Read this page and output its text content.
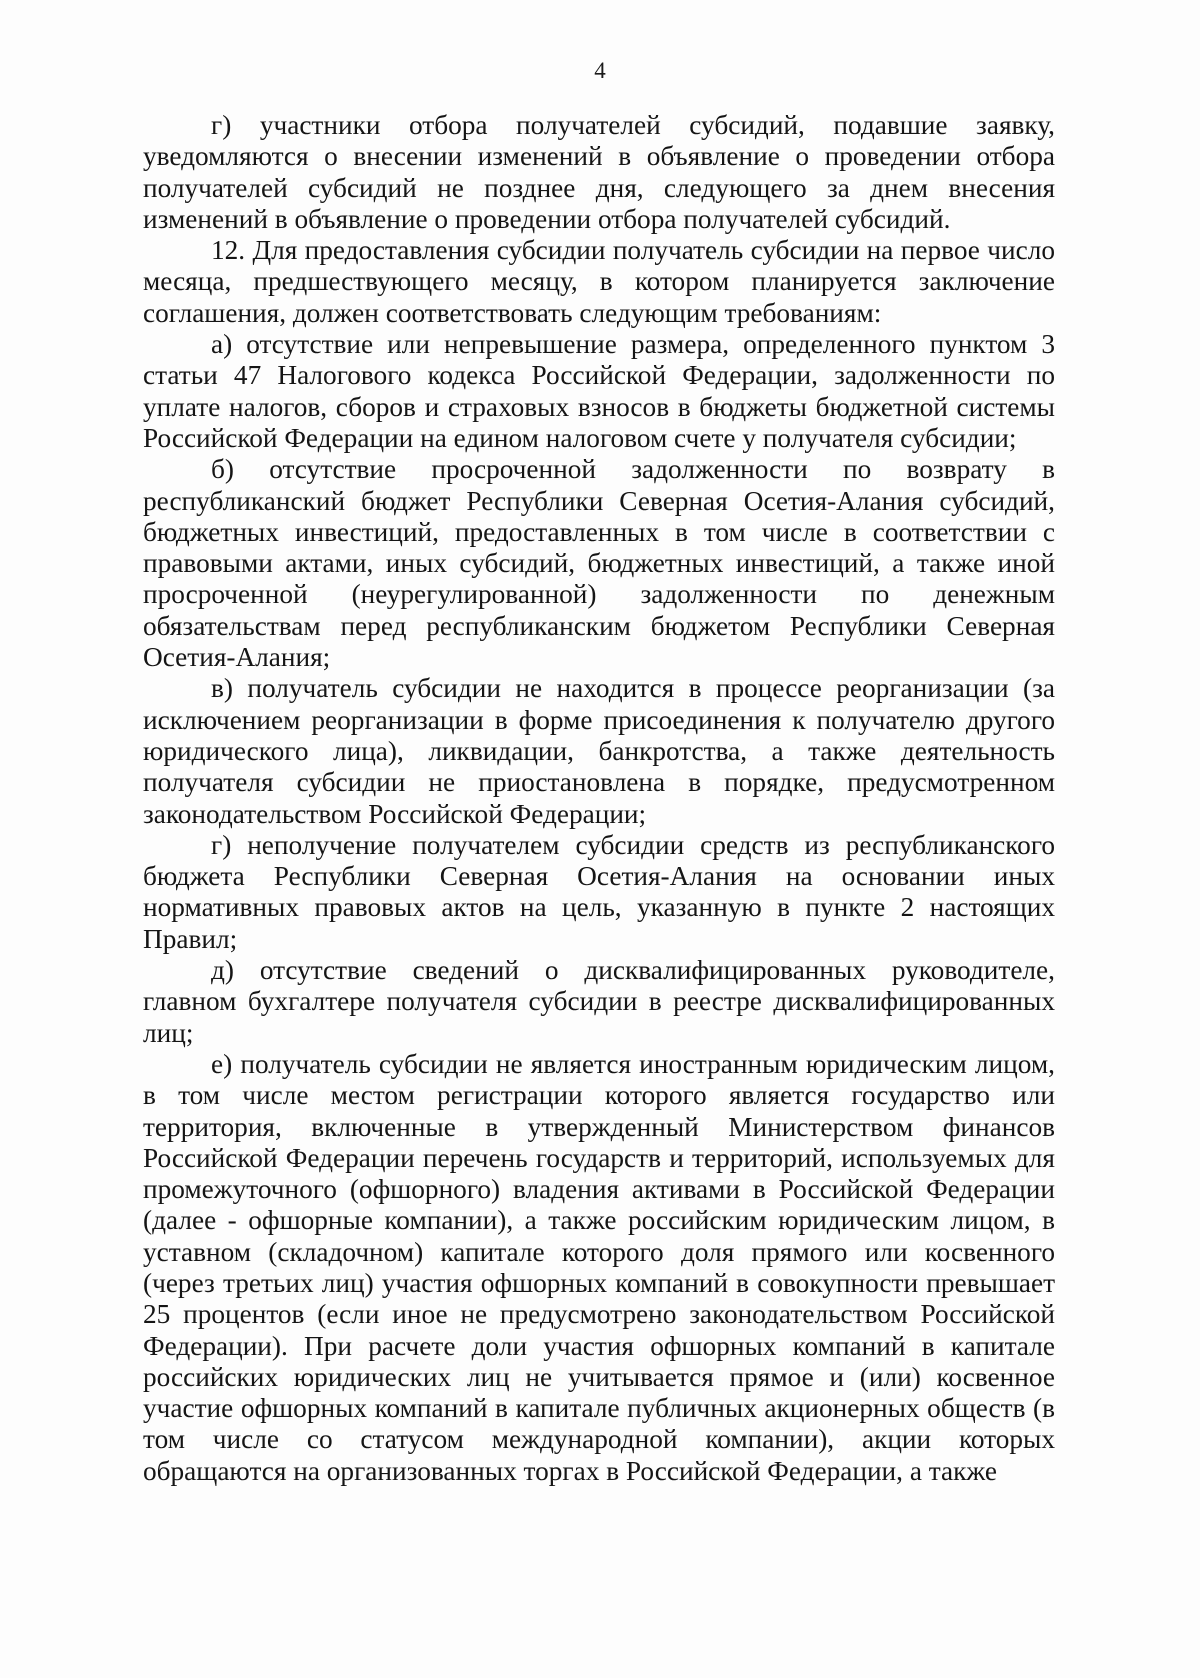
4

г) участники отбора получателей субсидий, подавшие заявку, уведомляются о внесении изменений в объявление о проведении отбора получателей субсидий не позднее дня, следующего за днем внесения изменений в объявление о проведении отбора получателей субсидий.

12. Для предоставления субсидии получатель субсидии на первое число месяца, предшествующего месяцу, в котором планируется заключение соглашения, должен соответствовать следующим требованиям:

а) отсутствие или непревышение размера, определенного пунктом 3 статьи 47 Налогового кодекса Российской Федерации, задолженности по уплате налогов, сборов и страховых взносов в бюджеты бюджетной системы Российской Федерации на едином налоговом счете у получателя субсидии;

б) отсутствие просроченной задолженности по возврату в республиканский бюджет Республики Северная Осетия-Алания субсидий, бюджетных инвестиций, предоставленных в том числе в соответствии с правовыми актами, иных субсидий, бюджетных инвестиций, а также иной просроченной (неурегулированной) задолженности по денежным обязательствам перед республиканским бюджетом Республики Северная Осетия-Алания;

в) получатель субсидии не находится в процессе реорганизации (за исключением реорганизации в форме присоединения к получателю другого юридического лица), ликвидации, банкротства, а также деятельность получателя субсидии не приостановлена в порядке, предусмотренном законодательством Российской Федерации;

г) неполучение получателем субсидии средств из республиканского бюджета Республики Северная Осетия-Алания на основании иных нормативных правовых актов на цель, указанную в пункте 2 настоящих Правил;

д) отсутствие сведений о дисквалифицированных руководителе, главном бухгалтере получателя субсидии в реестре дисквалифицированных лиц;

е) получатель субсидии не является иностранным юридическим лицом, в том числе местом регистрации которого является государство или территория, включенные в утвержденный Министерством финансов Российской Федерации перечень государств и территорий, используемых для промежуточного (офшорного) владения активами в Российской Федерации (далее - офшорные компании), а также российским юридическим лицом, в уставном (складочном) капитале которого доля прямого или косвенного (через третьих лиц) участия офшорных компаний в совокупности превышает 25 процентов (если иное не предусмотрено законодательством Российской Федерации). При расчете доли участия офшорных компаний в капитале российских юридических лиц не учитывается прямое и (или) косвенное участие офшорных компаний в капитале публичных акционерных обществ (в том числе со статусом международной компании), акции которых обращаются на организованных торгах в Российской Федерации, а также
